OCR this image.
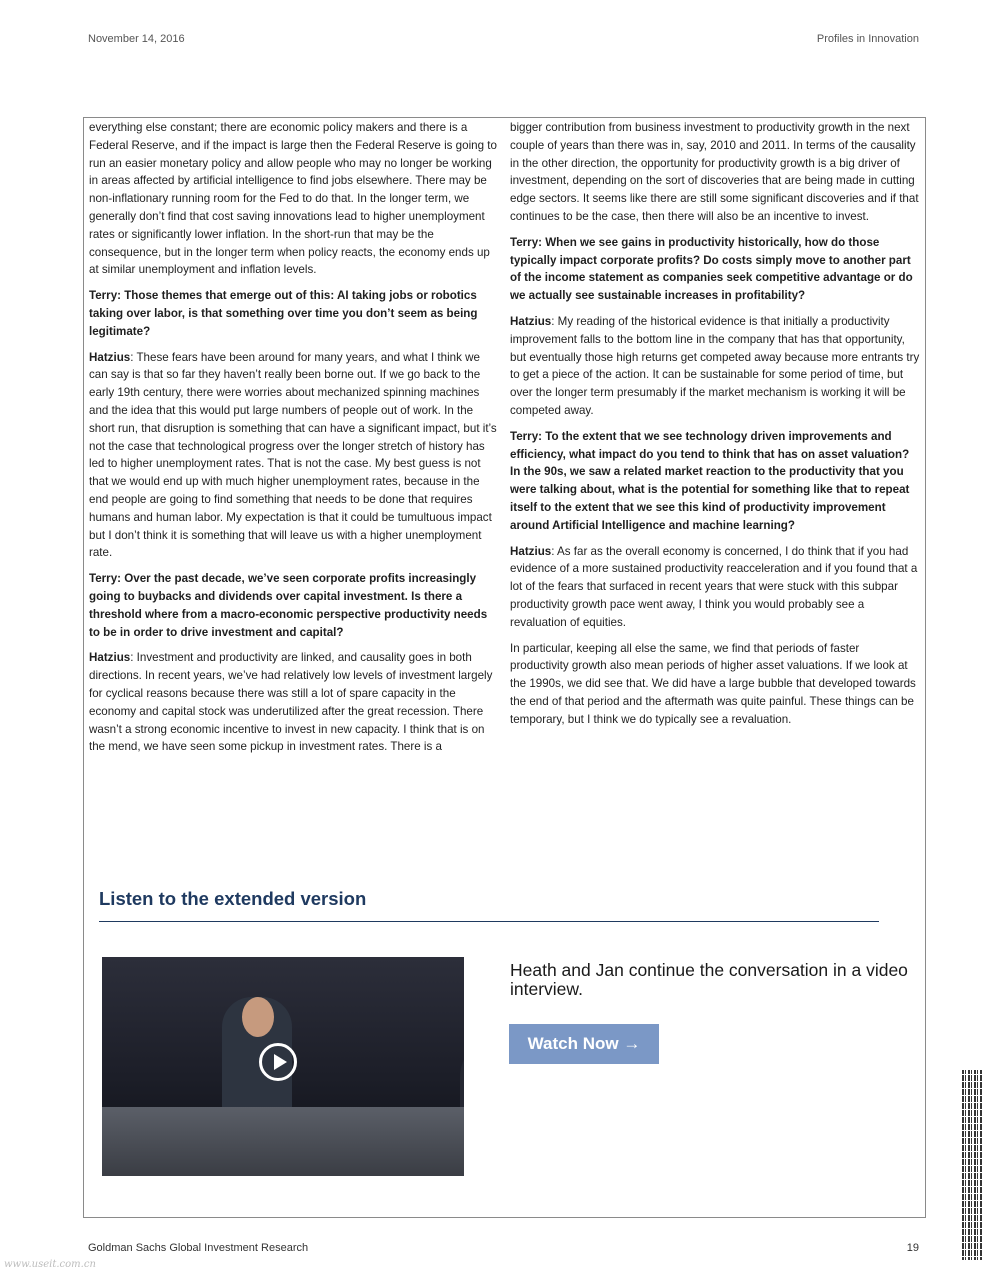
November 14, 2016	Profiles in Innovation

everything else constant; there are economic policy makers and there is a Federal Reserve, and if the impact is large then the Federal Reserve is going to run an easier monetary policy and allow people who may no longer be working in areas affected by artificial intelligence to find jobs elsewhere. There may be non-inflationary running room for the Fed to do that. In the longer term, we generally don’t find that cost saving innovations lead to higher unemployment rates or significantly lower inflation. In the short-run that may be the consequence, but in the longer term when policy reacts, the economy ends up at similar unemployment and inflation levels.

Terry: Those themes that emerge out of this: AI taking jobs or robotics taking over labor, is that something over time you don’t seem as being legitimate?

Hatzius: These fears have been around for many years, and what I think we can say is that so far they haven’t really been borne out. If we go back to the early 19th century, there were worries about mechanized spinning machines and the idea that this would put large numbers of people out of work. In the short run, that disruption is something that can have a significant impact, but it’s not the case that technological progress over the longer stretch of history has led to higher unemployment rates. That is not the case. My best guess is not that we would end up with much higher unemployment rates, because in the end people are going to find something that needs to be done that requires humans and human labor. My expectation is that it could be tumultuous impact but I don’t think it is something that will leave us with a higher unemployment rate.

Terry: Over the past decade, we’ve seen corporate profits increasingly going to buybacks and dividends over capital investment. Is there a threshold where from a macro-economic perspective productivity needs to be in order to drive investment and capital?

Hatzius: Investment and productivity are linked, and causality goes in both directions. In recent years, we’ve had relatively low levels of investment largely for cyclical reasons because there was still a lot of spare capacity in the economy and capital stock was underutilized after the great recession. There wasn’t a strong economic incentive to invest in new capacity. I think that is on the mend, we have seen some pickup in investment rates. There is a

bigger contribution from business investment to productivity growth in the next couple of years than there was in, say, 2010 and 2011. In terms of the causality in the other direction, the opportunity for productivity growth is a big driver of investment, depending on the sort of discoveries that are being made in cutting edge sectors. It seems like there are still some significant discoveries and if that continues to be the case, then there will also be an incentive to invest.

Terry: When we see gains in productivity historically, how do those typically impact corporate profits? Do costs simply move to another part of the income statement as companies seek competitive advantage or do we actually see sustainable increases in profitability?

Hatzius: My reading of the historical evidence is that initially a productivity improvement falls to the bottom line in the company that has that opportunity, but eventually those high returns get competed away because more entrants try to get a piece of the action. It can be sustainable for some period of time, but over the longer term presumably if the market mechanism is working it will be competed away.

Terry: To the extent that we see technology driven improvements and efficiency, what impact do you tend to think that has on asset valuation? In the 90s, we saw a related market reaction to the productivity that you were talking about, what is the potential for something like that to repeat itself to the extent that we see this kind of productivity improvement around Artificial Intelligence and machine learning?

Hatzius: As far as the overall economy is concerned, I do think that if you had evidence of a more sustained productivity reacceleration and if you found that a lot of the fears that surfaced in recent years that were stuck with this subpar productivity growth pace went away, I think you would probably see a revaluation of equities.

In particular, keeping all else the same, we find that periods of faster productivity growth also mean periods of higher asset valuations. If we look at the 1990s, we did see that. We did have a large bubble that developed towards the end of that period and the aftermath was quite painful. These things can be temporary, but I think we do typically see a revaluation.

Listen to the extended version
Heath and Jan continue the conversation in a video interview.
Watch Now →
Goldman Sachs Global Investment Research	19
www.useit.com.cn
